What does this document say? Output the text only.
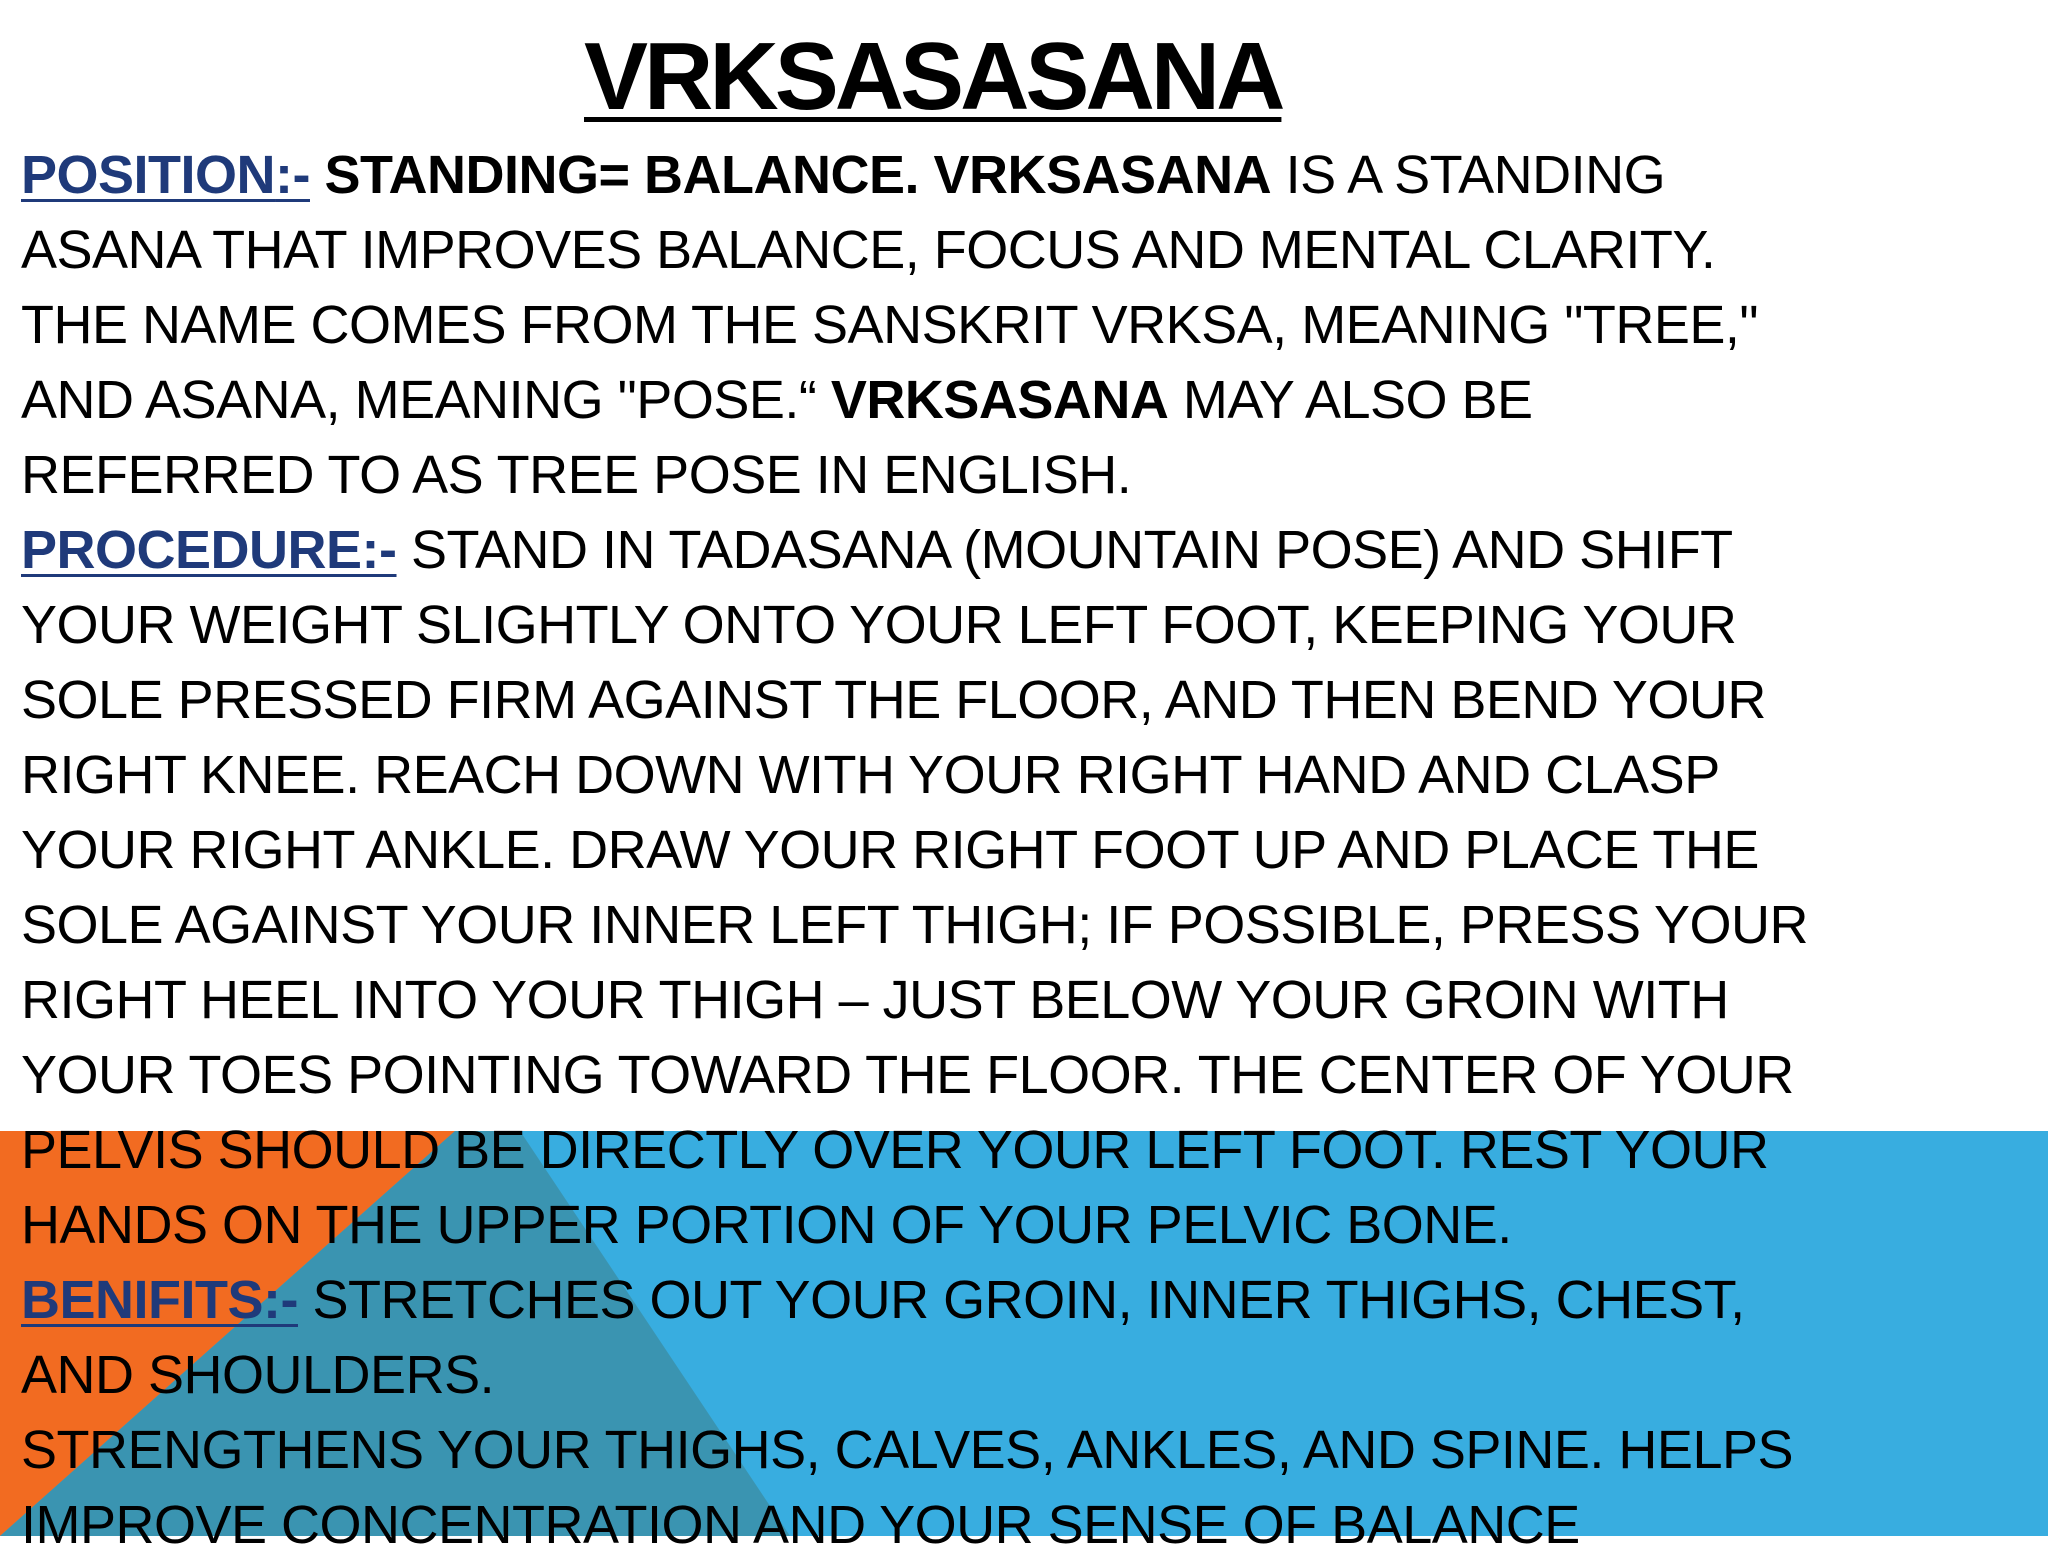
VRKSASASANA
POSITION:- STANDING= BALANCE. VRKSASANA IS A STANDING
ASANA THAT IMPROVES BALANCE, FOCUS AND MENTAL CLARITY.
THE NAME COMES FROM THE SANSKRIT VRKSA, MEANING "TREE,"
AND ASANA, MEANING "POSE.“ VRKSASANA MAY ALSO BE
REFERRED TO AS TREE POSE IN ENGLISH.
PROCEDURE:- STAND IN TADASANA (MOUNTAIN POSE) AND SHIFT
YOUR WEIGHT SLIGHTLY ONTO YOUR LEFT FOOT, KEEPING YOUR
SOLE PRESSED FIRM AGAINST THE FLOOR, AND THEN BEND YOUR
RIGHT KNEE. REACH DOWN WITH YOUR RIGHT HAND AND CLASP
YOUR RIGHT ANKLE. DRAW YOUR RIGHT FOOT UP AND PLACE THE
SOLE AGAINST YOUR INNER LEFT THIGH; IF POSSIBLE, PRESS YOUR
RIGHT HEEL INTO YOUR THIGH – JUST BELOW YOUR GROIN WITH
YOUR TOES POINTING TOWARD THE FLOOR. THE CENTER OF YOUR
PELVIS SHOULD BE DIRECTLY OVER YOUR LEFT FOOT. REST YOUR
HANDS ON THE UPPER PORTION OF YOUR PELVIC BONE.
BENIFITS:- STRETCHES OUT YOUR GROIN, INNER THIGHS, CHEST,
AND SHOULDERS.
STRENGTHENS YOUR THIGHS, CALVES, ANKLES, AND SPINE. HELPS
IMPROVE CONCENTRATION AND YOUR SENSE OF BALANCE
